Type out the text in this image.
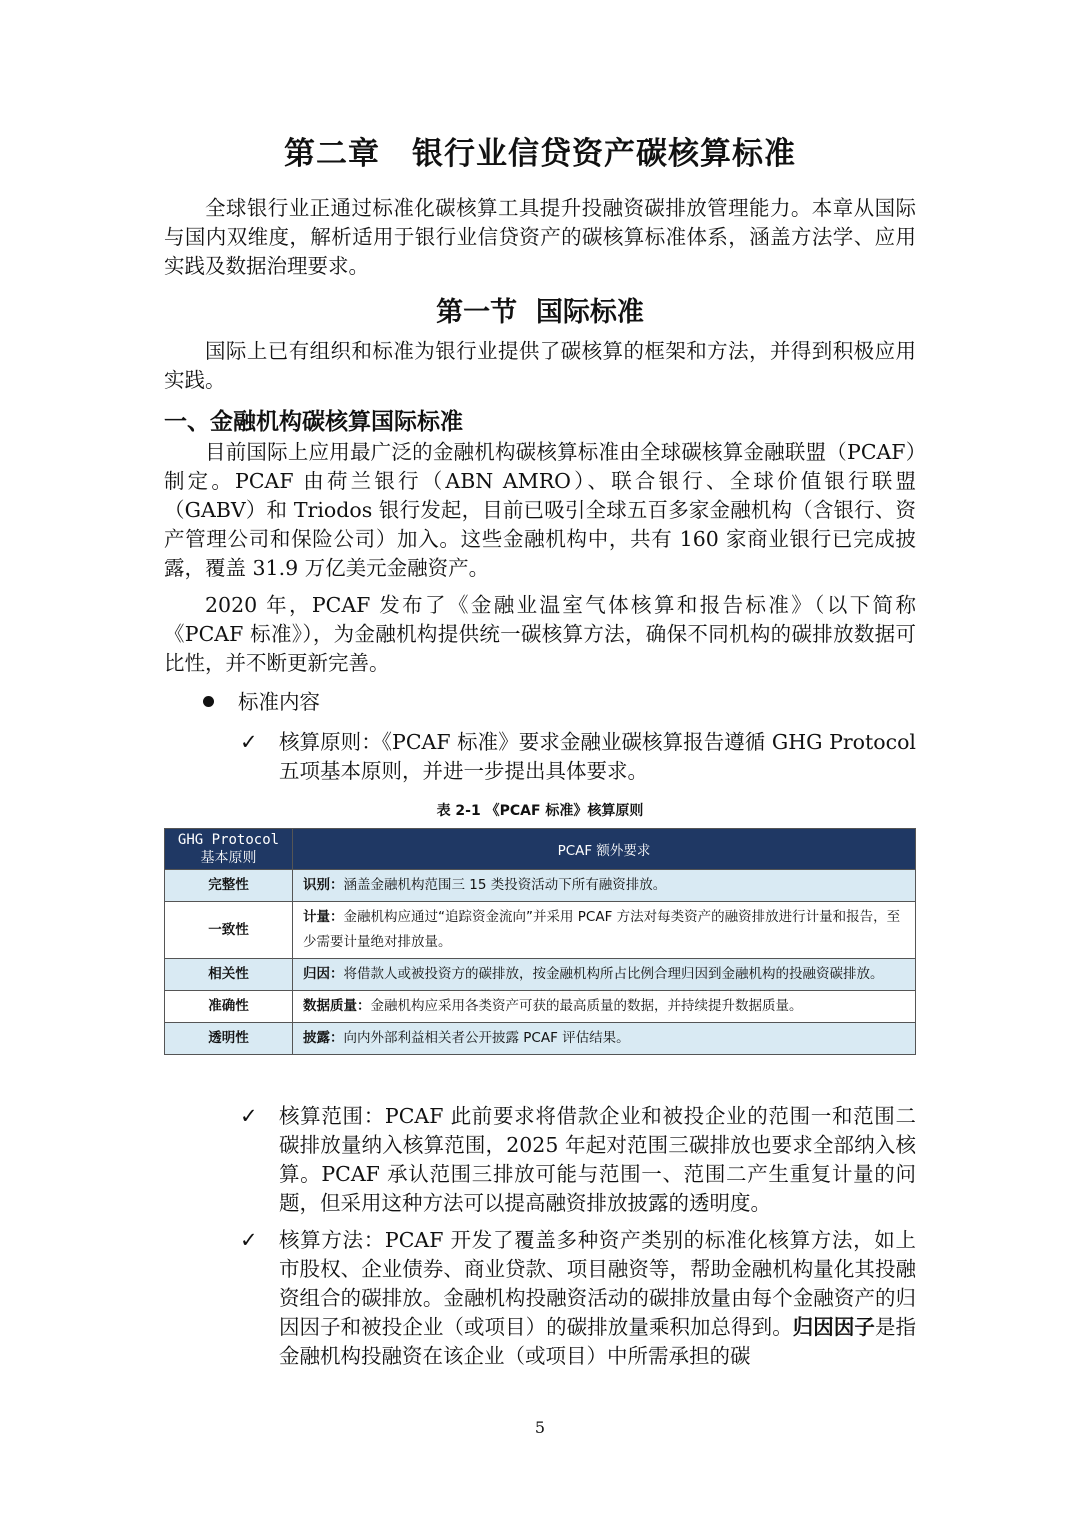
第二章　银行业信贷资产碳核算标准

全球银行业正通过标准化碳核算工具提升投融资碳排放管理能力。本章从国际与国内双维度，解析适用于银行业信贷资产的碳核算标准体系，涵盖方法学、应用实践及数据治理要求。

第一节  国际标准

国际上已有组织和标准为银行业提供了碳核算的框架和方法，并得到积极应用实践。

一、金融机构碳核算国际标准

目前国际上应用最广泛的金融机构碳核算标准由全球碳核算金融联盟（PCAF）制定。PCAF 由荷兰银行（ABN AMRO）、联合银行、全球价值银行联盟（GABV）和 Triodos 银行发起，目前已吸引全球五百多家金融机构（含银行、资产管理公司和保险公司）加入。这些金融机构中，共有 160 家商业银行已完成披露，覆盖 31.9 万亿美元金融资产。

2020 年，PCAF 发布了《金融业温室气体核算和报告标准》（以下简称《PCAF 标准》），为金融机构提供统一碳核算方法，确保不同机构的碳排放数据可比性，并不断更新完善。

标准内容
✓ 核算原则：《PCAF 标准》要求金融业碳核算报告遵循 GHG Protocol 五项基本原则，并进一步提出具体要求。
表 2-1 《PCAF 标准》核算原则
GHG Protocol 基本原则	PCAF 额外要求
完整性	识别：涵盖金融机构范围三 15 类投资活动下所有融资排放。
一致性	计量：金融机构应通过“追踪资金流向”并采用 PCAF 方法对每类资产的融资排放进行计量和报告，至少需要计量绝对排放量。
相关性	归因：将借款人或被投资方的碳排放，按金融机构所占比例合理归因到金融机构的投融资碳排放。
准确性	数据质量：金融机构应采用各类资产可获的最高质量的数据，并持续提升数据质量。
透明性	披露：向内外部利益相关者公开披露 PCAF 评估结果。
✓ 核算范围：PCAF 此前要求将借款企业和被投企业的范围一和范围二碳排放量纳入核算范围，2025 年起对范围三碳排放也要求全部纳入核算。PCAF 承认范围三排放可能与范围一、范围二产生重复计量的问题，但采用这种方法可以提高融资排放披露的透明度。
✓ 核算方法：PCAF 开发了覆盖多种资产类别的标准化核算方法，如上市股权、企业债券、商业贷款、项目融资等，帮助金融机构量化其投融资组合的碳排放。金融机构投融资活动的碳排放量由每个金融资产的归因因子和被投企业（或项目）的碳排放量乘积加总得到。归因因子是指金融机构投融资在该企业（或项目）中所需承担的碳
5
